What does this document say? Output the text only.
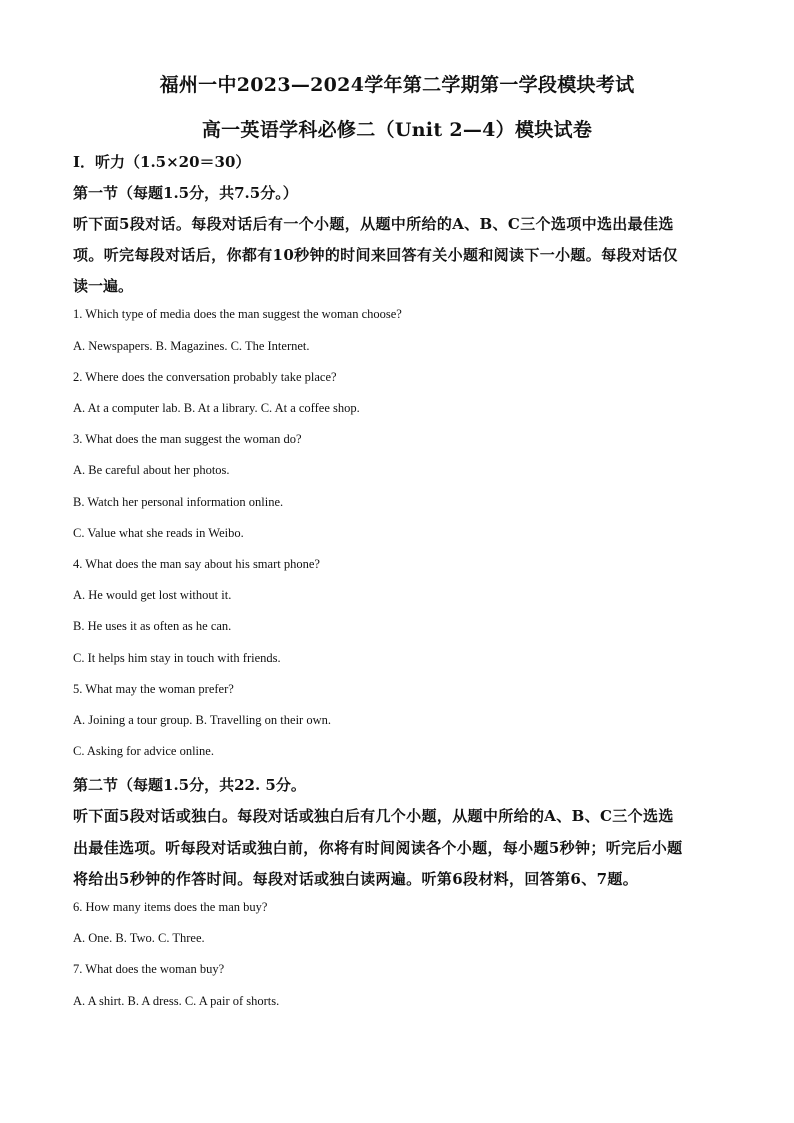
福州一中2023—2024学年第二学期第一学段模块考试
高一英语学科必修二（Unit 2—4）模块试卷
I．听力（1.5×20＝30）
第一节（每题1.5分，共7.5分。）
听下面5段对话。每段对话后有一个小题，从题中所给的A、B、C三个选项中选出最佳选
项。听完每段对话后，你都有10秒钟的时间来回答有关小题和阅读下一小题。每段对话仅
读一遍。
1. Which type of media does the man suggest the woman choose?
A. Newspapers. B. Magazines. C. The Internet.
2. Where does the conversation probably take place?
A. At a computer lab. B. At a library. C. At a coffee shop.
3. What does the man suggest the woman do?
A. Be careful about her photos.
B. Watch her personal information online.
C. Value what she reads in Weibo.
4. What does the man say about his smart phone?
A. He would get lost without it.
B. He uses it as often as he can.
C. It helps him stay in touch with friends.
5. What may the woman prefer?
A. Joining a tour group. B. Travelling on their own.
C. Asking for advice online.
第二节（每题1.5分，共22. 5分。
听下面5段对话或独白。每段对话或独白后有几个小题，从题中所给的A、B、C三个选选
出最佳选项。听每段对话或独白前，你将有时间阅读各个小题，每小题5秒钟；听完后小题
将给出5秒钟的作答时间。每段对话或独白读两遍。听第6段材料，回答第6、7题。
6. How many items does the man buy?
A. One. B. Two. C. Three.
7. What does the woman buy?
A. A shirt. B. A dress. C. A pair of shorts.
